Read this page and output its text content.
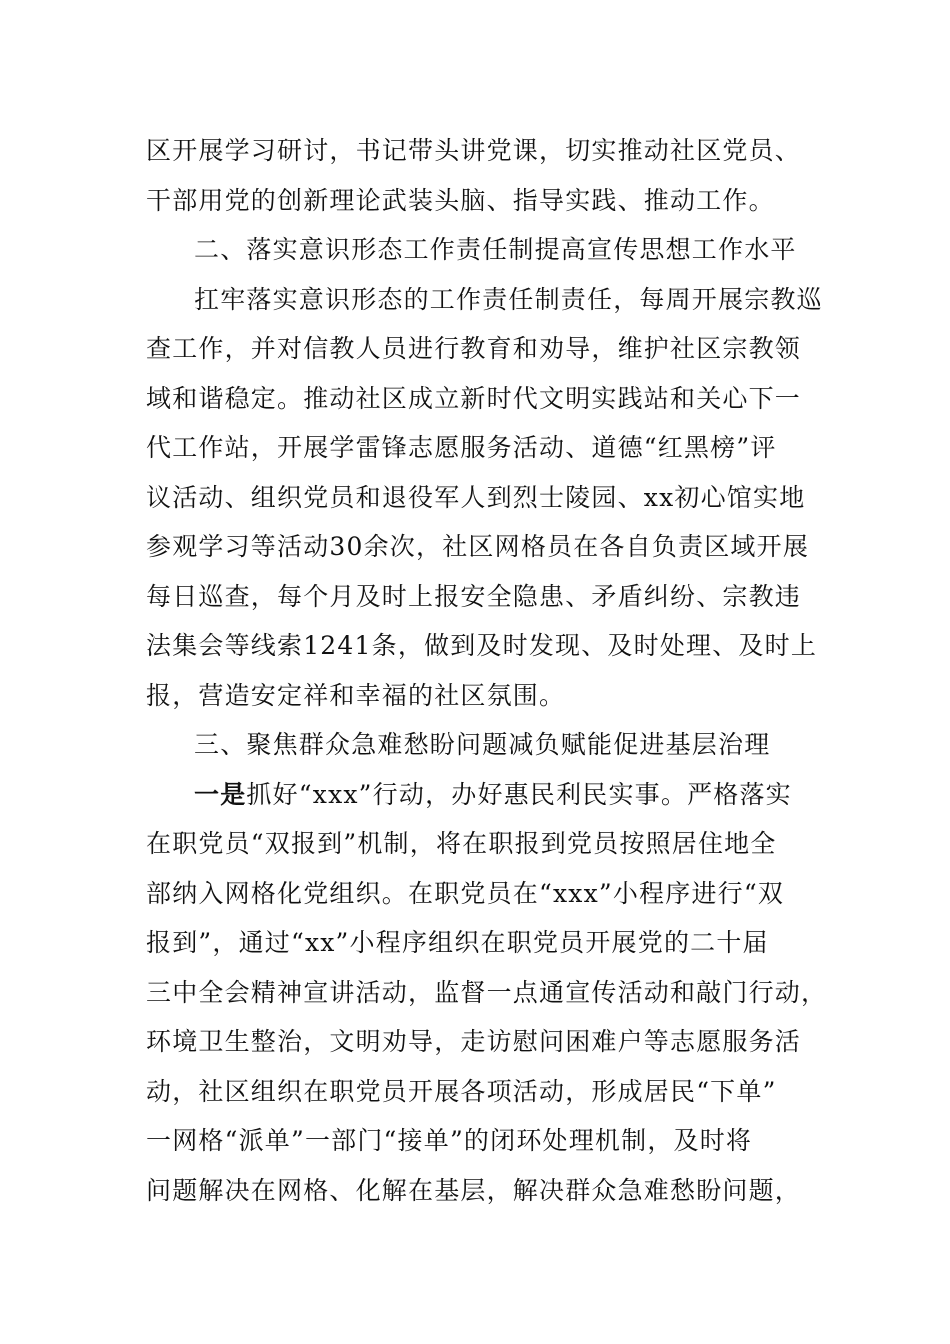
区开展学习研讨，书记带头讲党课，切实推动社区党员、
干部用党的创新理论武装头脑、指导实践、推动工作。
二、落实意识形态工作责任制提高宣传思想工作水平
扛牢落实意识形态的工作责任制责任，每周开展宗教巡
查工作，并对信教人员进行教育和劝导，维护社区宗教领
域和谐稳定。推动社区成立新时代文明实践站和关心下一
代工作站，开展学雷锋志愿服务活动、道德“红黑榜”评
议活动、组织党员和退役军人到烈士陵园、xx初心馆实地
参观学习等活动30余次，社区网格员在各自负责区域开展
每日巡查，每个月及时上报安全隐患、矛盾纠纷、宗教违
法集会等线索1241条，做到及时发现、及时处理、及时上
报，营造安定祥和幸福的社区氛围。
三、聚焦群众急难愁盼问题减负赋能促进基层治理
一是抓好“xxx”行动，办好惠民利民实事。严格落实
在职党员“双报到”机制，将在职报到党员按照居住地全
部纳入网格化党组织。在职党员在“xxx”小程序进行“双
报到”，通过“xx”小程序组织在职党员开展党的二十届
三中全会精神宣讲活动，监督一点通宣传活动和敲门行动，
环境卫生整治，文明劝导，走访慰问困难户等志愿服务活
动，社区组织在职党员开展各项活动，形成居民“下单”
一网格“派单”一部门“接单”的闭环处理机制，及时将
问题解决在网格、化解在基层，解决群众急难愁盼问题，
